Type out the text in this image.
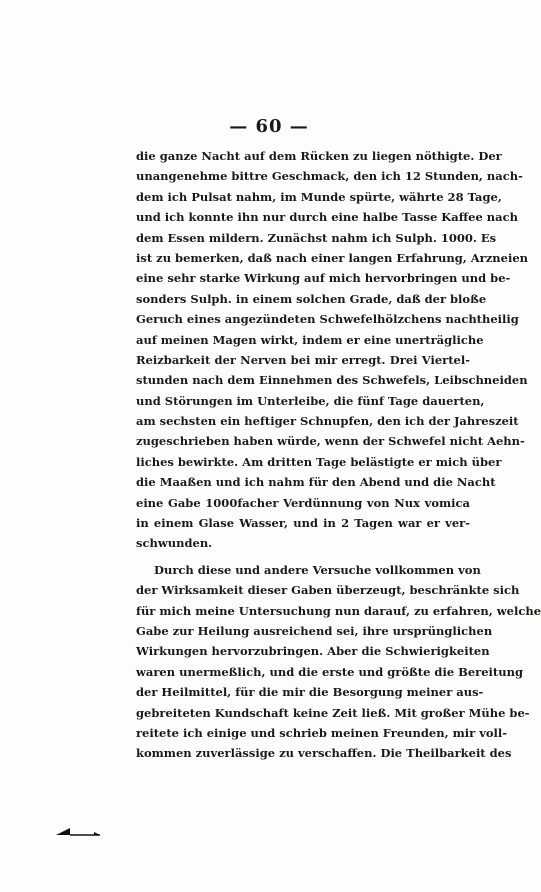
— 60 —
die ganze Nacht auf dem Rücken zu liegen nöthigte. Der
unangenehme bittre Geschmack, den ich 12 Stunden, nach-
dem ich Pulsat nahm, im Munde spürte, währte 28 Tage,
und ich konnte ihn nur durch eine halbe Tasse Kaffee nach
dem Essen mildern. Zunächst nahm ich Sulph. 1000. Es
ist zu bemerken, daß nach einer langen Erfahrung, Arzneien
eine sehr starke Wirkung auf mich hervorbringen und be-
sonders Sulph. in einem solchen Grade, daß der bloße
Geruch eines angezündeten Schwefelhölzchens nachtheilig
auf meinen Magen wirkt, indem er eine unerträgliche
Reizbarkeit der Nerven bei mir erregt. Drei Viertel-
stunden nach dem Einnehmen des Schwefels, Leibschneiden
und Störungen im Unterleibe, die fünf Tage dauerten,
am sechsten ein heftiger Schnupfen, den ich der Jahreszeit
zugeschrieben haben würde, wenn der Schwefel nicht Aehn-
liches bewirkte. Am dritten Tage belästigte er mich über
die Maaßen und ich nahm für den Abend und die Nacht
eine Gabe 1000facher Verdünnung von Nux vomica
in einem Glase Wasser, und in 2 Tagen war er ver-
schwunden.
Durch diese und andere Versuche vollkommen von
der Wirksamkeit dieser Gaben überzeugt, beschränkte sich
für mich meine Untersuchung nun darauf, zu erfahren, welche
Gabe zur Heilung ausreichend sei, ihre ursprünglichen
Wirkungen hervorzubringen. Aber die Schwierigkeiten
waren unermeßlich, und die erste und größte die Bereitung
der Heilmittel, für die mir die Besorgung meiner aus-
gebreiteten Kundschaft keine Zeit ließ. Mit großer Mühe be-
reitete ich einige und schrieb meinen Freunden, mir voll-
kommen zuverlässige zu verschaffen. Die Theilbarkeit des
